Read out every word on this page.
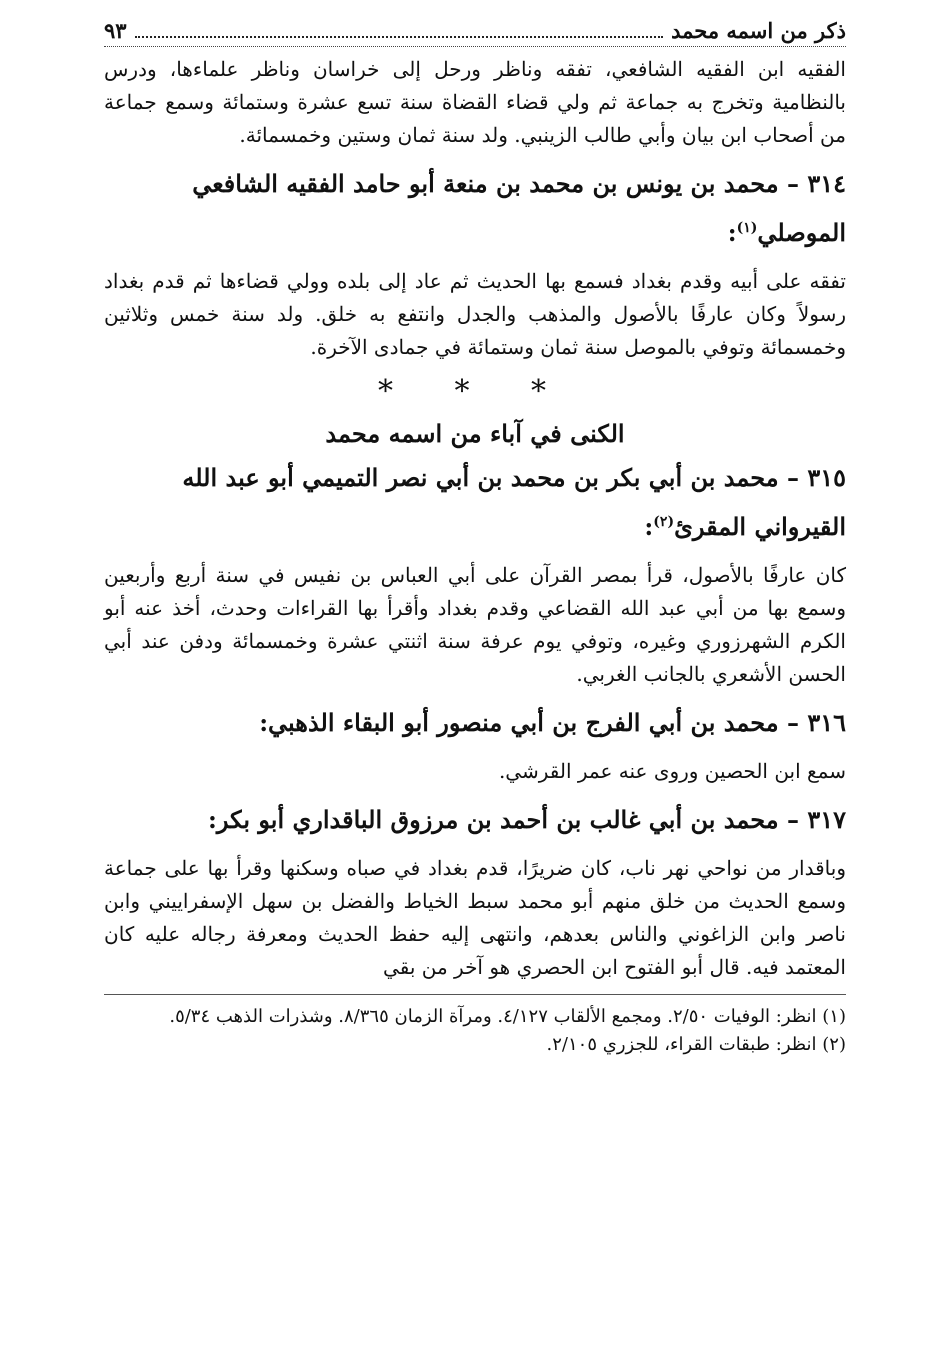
ذكر من اسمه محمد
٩٣

الفقيه ابن الفقيه الشافعي، تفقه وناظر ورحل إلى خراسان وناظر علماءها، ودرس بالنظامية وتخرج به جماعة ثم ولي قضاء القضاة سنة تسع عشرة وستمائة وسمع جماعة من أصحاب ابن بيان وأبي طالب الزينبي. ولد سنة ثمان وستين وخمسمائة.

٣١٤ – محمد بن يونس بن محمد بن منعة أبو حامد الفقيه الشافعي الموصلي$^{(١)}$:

تفقه على أبيه وقدم بغداد فسمع بها الحديث ثم عاد إلى بلده وولي قضاءها ثم قدم بغداد رسولاً وكان عارفًا بالأصول والمذهب والجدل وانتفع به خلق. ولد سنة خمس وثلاثين وخمسمائة وتوفي بالموصل سنة ثمان وستمائة في جمادى الآخرة.

* * *
الكنى في آباء من اسمه محمد
٣١٥ – محمد بن أبي بكر بن محمد بن أبي نصر التميمي أبو عبد الله القيرواني المقرئ$^{(٢)}$:

كان عارفًا بالأصول، قرأ بمصر القرآن على أبي العباس بن نفيس في سنة أربع وأربعين وسمع بها من أبي عبد الله القضاعي وقدم بغداد وأقرأ بها القراءات وحدث، أخذ عنه أبو الكرم الشهرزوري وغيره، وتوفي يوم عرفة سنة اثنتي عشرة وخمسمائة ودفن عند أبي الحسن الأشعري بالجانب الغربي.

٣١٦ – محمد بن أبي الفرج بن أبي منصور أبو البقاء الذهبي:

سمع ابن الحصين وروى عنه عمر القرشي.

٣١٧ – محمد بن أبي غالب بن أحمد بن مرزوق الباقداري أبو بكر:

وباقدار من نواحي نهر ناب، كان ضريرًا، قدم بغداد في صباه وسكنها وقرأ بها على جماعة وسمع الحديث من خلق منهم أبو محمد سبط الخياط والفضل بن سهل الإسفراييني وابن ناصر وابن الزاغوني والناس بعدهم، وانتهى إليه حفظ الحديث ومعرفة رجاله عليه كان المعتمد فيه. قال أبو الفتوح ابن الحصري هو آخر من بقي

(١) انظر: الوفيات ٢/٥٠. ومجمع الألقاب ٤/١٢٧. ومرآة الزمان ٨/٣٦٥. وشذرات الذهب ٥/٣٤.

(٢) انظر: طبقات القراء، للجزري ٢/١٠٥.
